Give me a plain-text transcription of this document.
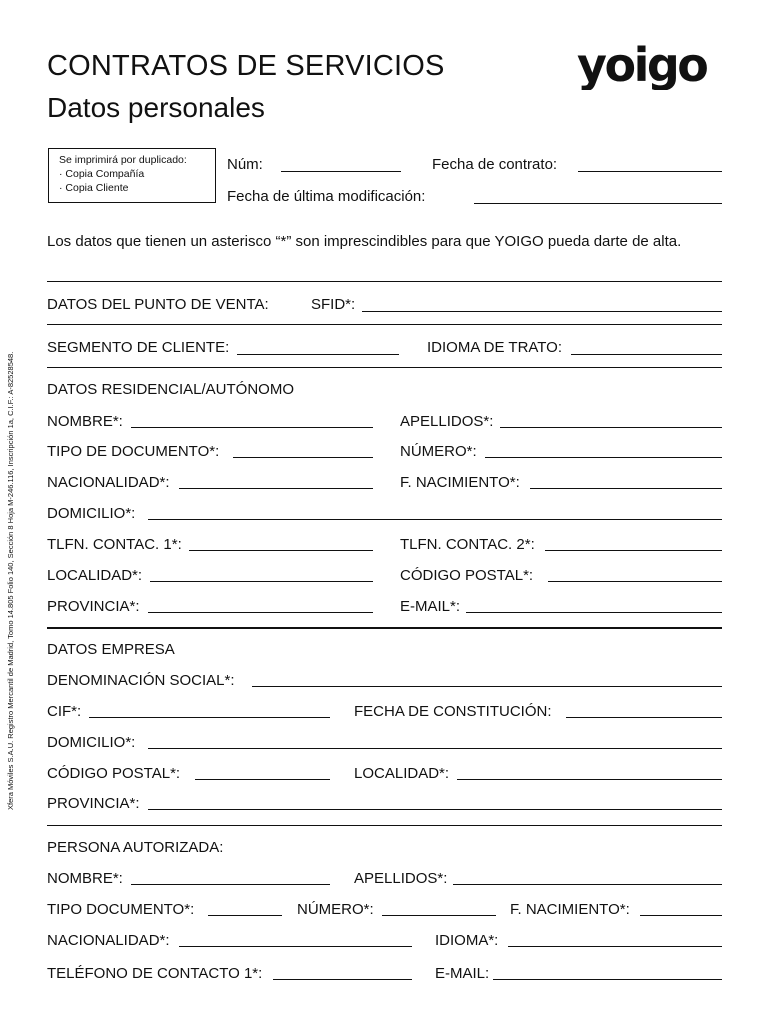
CONTRATOS DE SERVICIOS
Datos personales
yoigo
Se imprimirá por duplicado:
· Copia Compañía
· Copia Cliente
Núm:	Fecha de contrato:
Fecha de última modificación:
Los datos que tienen un asterisco “*” son imprescindibles para que YOIGO pueda darte de alta.
DATOS DEL PUNTO DE VENTA:	SFID*:
SEGMENTO DE CLIENTE:	IDIOMA DE TRATO:
DATOS RESIDENCIAL/AUTÓNOMO
NOMBRE*:	APELLIDOS*:
TIPO DE DOCUMENTO*:	NÚMERO*:
NACIONALIDAD*:	F. NACIMIENTO*:
DOMICILIO*:
TLFN. CONTAC. 1*:	TLFN. CONTAC. 2*:
LOCALIDAD*:	CÓDIGO POSTAL*:
PROVINCIA*:	E-MAIL*:
DATOS EMPRESA
DENOMINACIÓN SOCIAL*:
CIF*:	FECHA DE CONSTITUCIÓN:
DOMICILIO*:
CÓDIGO POSTAL*:	LOCALIDAD*:
PROVINCIA*:
PERSONA AUTORIZADA:
NOMBRE*:	APELLIDOS*:
TIPO DOCUMENTO*:	NÚMERO*:	F. NACIMIENTO*:
NACIONALIDAD*:	IDIOMA*:
TELÉFONO DE CONTACTO 1*:	E-MAIL:
Xfera Móviles S.A.U. Registro Mercantil de Madrid, Tomo 14.805 Folio 140, Sección 8 Hoja M-246.116, Inscripción 1a, C.I.F.: A-82528548.
